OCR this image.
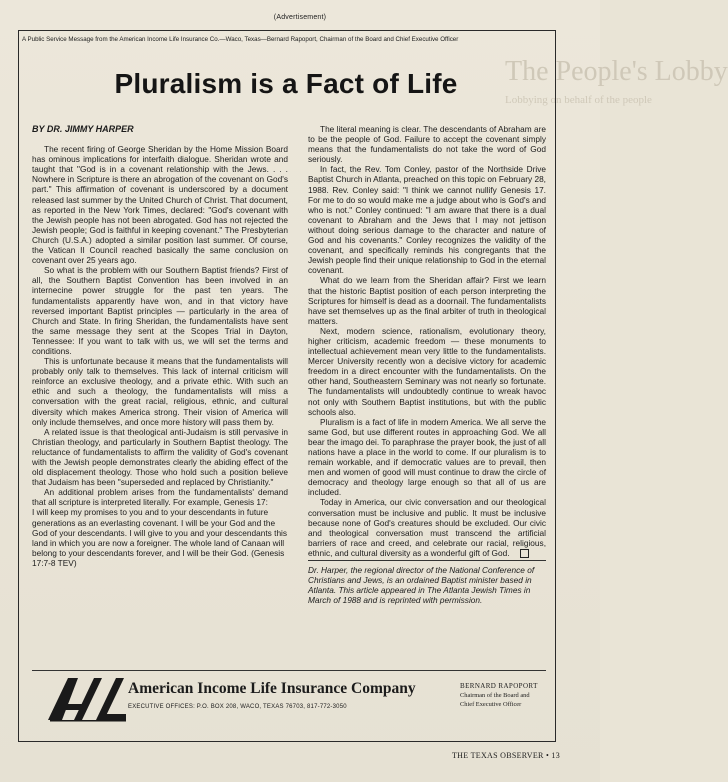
The People's Lobby
Lobbying on behalf of the people
(Advertisement)
A Public Service Message from the American Income Life Insurance Co.—Waco, Texas—Bernard Rapoport, Chairman of the Board and Chief Executive Officer
Pluralism is a Fact of Life
BY DR. JIMMY HARPER

The recent firing of George Sheridan by the Home Mission Board has ominous implications for interfaith dialogue. Sheridan wrote and taught that "God is in a covenant relationship with the Jews. . . . Nowhere in Scripture is there an abrogation of the covenant on God's part." This affirmation of covenant is underscored by a document released last summer by the United Church of Christ. That document, as reported in the New York Times, declared: "God's covenant with the Jewish people has not been abrogated. God has not rejected the Jewish people; God is faithful in keeping covenant." The Presbyterian Church (U.S.A.) adopted a similar position last summer. Of course, the Vatican II Council reached basically the same conclusion on covenant over 25 years ago.

So what is the problem with our Southern Baptist friends? First of all, the Southern Baptist Convention has been involved in an internecine power struggle for the past ten years. The fundamentalists apparently have won, and in that victory have reversed important Baptist principles — particularly in the area of Church and State. In firing Sheridan, the fundamentalists have sent the same message they sent at the Scopes Trial in Dayton, Tennessee: If you want to talk with us, we will set the terms and conditions.

This is unfortunate because it means that the fundamentalists will probably only talk to themselves. This lack of internal criticism will reinforce an exclusive theology, and a private ethic. With such an ethic and such a theology, the fundamentalists will miss a conversation with the great racial, religious, ethnic, and cultural diversity which makes America strong. Their vision of America will only include themselves, and once more history will pass them by.

A related issue is that theological anti-Judaism is still pervasive in Christian theology, and particularly in Southern Baptist theology. The reluctance of fundamentalists to affirm the validity of God's covenant with the Jewish people demonstrates clearly the abiding effect of the old displacement theology. Those who hold such a position believe that Judaism has been "superseded and replaced by Christianity."

An additional problem arises from the fundamentalists' demand that all scripture is interpreted literally. For example, Genesis 17:

I will keep my promises to you and to your descendants in future generations as an everlasting covenant. I will be your God and the God of your descendants. I will give to you and your descendants this land in which you are now a foreigner. The whole land of Canaan will belong to your descendants forever, and I will be their God. (Genesis 17:7-8 TEV)

The literal meaning is clear. The descendants of Abraham are to be the people of God. Failure to accept the covenant simply means that the fundamentalists do not take the word of God seriously.

In fact, the Rev. Tom Conley, pastor of the Northside Drive Baptist Church in Atlanta, preached on this topic on February 28, 1988. Rev. Conley said: "I think we cannot nullify Genesis 17. For me to do so would make me a judge about who is God's and who is not." Conley continued: "I am aware that there is a dual covenant to Abraham and the Jews that I may not jettison without doing serious damage to the character and nature of God and his covenants." Conley recognizes the validity of the covenant, and specifically reminds his congregants that the Jewish people find their unique relationship to God in the eternal covenant.

What do we learn from the Sheridan affair? First we learn that the historic Baptist position of each person interpreting the Scriptures for himself is dead as a doornail. The fundamentalists have set themselves up as the final arbiter of truth in theological matters.

Next, modern science, rationalism, evolutionary theory, higher criticism, academic freedom — these monuments to intellectual achievement mean very little to the fundamentalists. Mercer University recently won a decisive victory for academic freedom in a direct encounter with the fundamentalists. On the other hand, Southeastern Seminary was not nearly so fortunate. The fundamentalists will undoubtedly continue to wreak havoc not only with Southern Baptist institutions, but with the public schools also.

Pluralism is a fact of life in modern America. We all serve the same God, but use different routes in approaching God. We all bear the imago dei. To paraphrase the prayer book, the just of all nations have a place in the world to come. If our pluralism is to remain workable, and if democratic values are to prevail, then men and women of good will must continue to draw the circle of democracy and theology large enough so that all of us are included.

Today in America, our civic conversation and our theological conversation must be inclusive and public. It must be inclusive because none of God's creatures should be excluded. Our civic and theological conversation must transcend the artificial barriers of race and creed, and celebrate our racial, religious, ethnic, and cultural diversity as a wonderful gift of God.

Dr. Harper, the regional director of the National Conference of Christians and Jews, is an ordained Baptist minister based in Atlanta. This article appeared in The Atlanta Jewish Times in March of 1988 and is reprinted with permission.
American Income Life Insurance Company
EXECUTIVE OFFICES: P.O. BOX 208, WACO, TEXAS 76703, 817-772-3050
BERNARD RAPOPORT
Chairman of the Board and
Chief Executive Officer
THE TEXAS OBSERVER • 13
